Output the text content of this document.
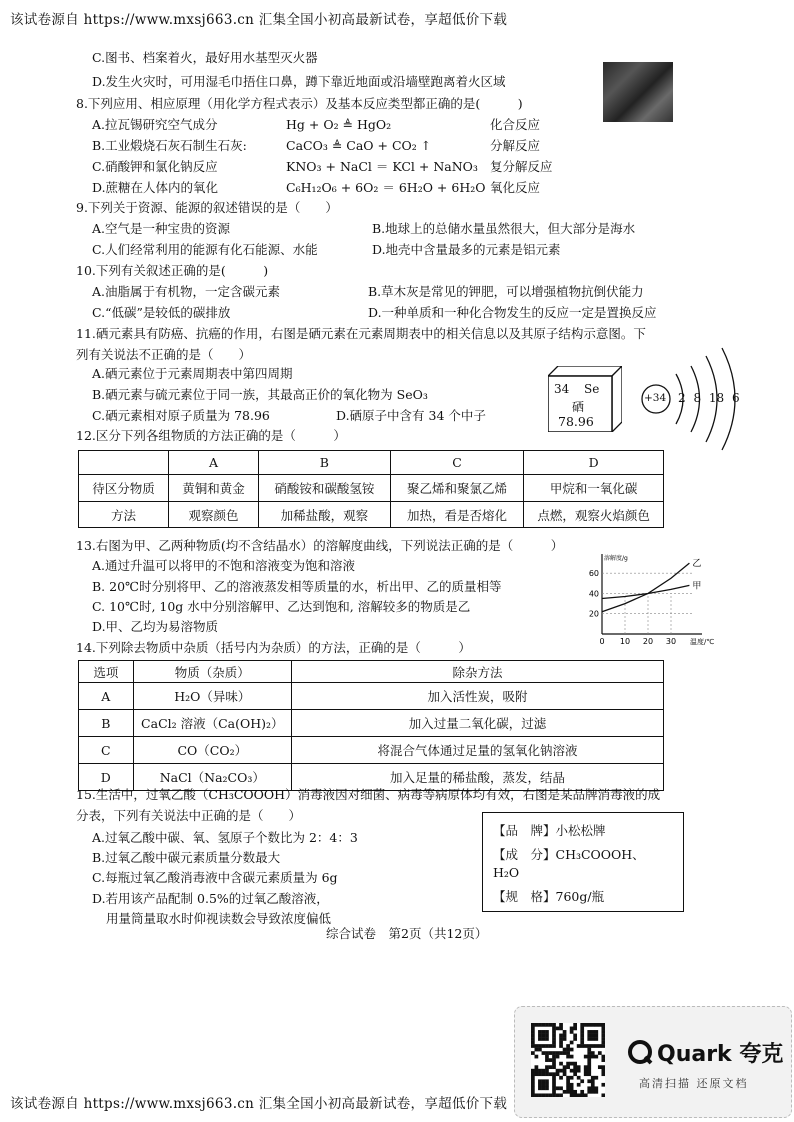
该试卷源自 https://www.mxsj663.cn 汇集全国小初高最新试卷，享超低价下载
C.图书、档案着火，最好用水基型灭火器
D.发生火灾时，可用湿毛巾捂住口鼻，蹲下靠近地面或沿墙壁跑离着火区域
8.下列应用、相应原理（用化学方程式表示）及基本反应类型都正确的是(　　　)
A.拉瓦锡研究空气成分	Hg + O₂ ≜ HgO₂	化合反应
B.工业煅烧石灰石制生石灰:	CaCO₃ ≜ CaO + CO₂ ↑	分解反应
C.硝酸钾和氯化钠反应	KNO₃ + NaCl ＝ KCl + NaNO₃ 复分解反应
D.蔗糖在人体内的氧化	C₆H₁₂O₆ + 6O₂ ＝ 6H₂O + 6H₂O 氧化反应
9.下列关于资源、能源的叙述错误的是（　　）
A.空气是一种宝贵的资源	B.地球上的总储水量虽然很大，但大部分是海水
C.人们经常利用的能源有化石能源、水能	D.地壳中含量最多的元素是铝元素
10.下列有关叙述正确的是(　　　)
A.油脂属于有机物，一定含碳元素	B.草木灰是常见的钾肥，可以增强植物抗倒伏能力
C.“低碳”是较低的碳排放	D.一种单质和一种化合物发生的反应一定是置换反应
11.硒元素具有防癌、抗癌的作用，右图是硒元素在元素周期表中的相关信息以及其原子结构示意图。下
列有关说法不正确的是（　　）
A.硒元素位于元素周期表中第四周期
B.硒元素与硫元素位于同一族，其最高正价的氧化物为 SeO₃
C.硒元素相对原子质量为 78.96	D.硒原子中含有 34 个中子
34 Se
硒
78.96
+34 2 8 18 6
12.区分下列各组物质的方法正确的是（　　　）
	A	B	C	D
待区分物质	黄铜和黄金	硝酸铵和碳酸氢铵	聚乙烯和聚氯乙烯	甲烷和一氧化碳
方法	观察颜色	加稀盐酸，观察	加热，看是否熔化	点燃，观察火焰颜色
13.右图为甲、乙两种物质(均不含结晶水）的溶解度曲线，下列说法正确的是（　　　）
A.通过升温可以将甲的不饱和溶液变为饱和溶液
B. 20℃时分别将甲、乙的溶液蒸发相等质量的水，析出甲、乙的质量相等
C. 10℃时, 10g 水中分别溶解甲、乙达到饱和, 溶解较多的物质是乙
D.甲、乙均为易溶物质
20
40
60
0 10 20 30 温度/℃
溶解度/g
乙
甲
14.下列除去物质中杂质（括号内为杂质）的方法，正确的是（　　　）
选项	物质（杂质）	除杂方法
A	H₂O（异味）	加入活性炭，吸附
B	CaCl₂ 溶液（Ca(OH)₂）	加入过量二氧化碳，过滤
C	CO（CO₂）	将混合气体通过足量的氢氧化钠溶液
D	NaCl（Na₂CO₃）	加入足量的稀盐酸，蒸发，结晶
15.生活中，过氧乙酸（CH₃COOOH）消毒液因对细菌、病毒等病原体均有效，右图是某品牌消毒液的成
分表，下列有关说法中正确的是（　　）
A.过氧乙酸中碳、氧、氢原子个数比为 2：4：3
B.过氧乙酸中碳元素质量分数最大
C.每瓶过氧乙酸消毒液中含碳元素质量为 6g
D.若用该产品配制 0.5%的过氧乙酸溶液，
用量筒量取水时仰视读数会导致浓度偏低
【品　牌】小松松牌
【成　分】CH₃COOOH、
H₂O
【规　格】760g/瓶
综合试卷　第2页（共12页）
Quark 夸克
高清扫描 还原文档
该试卷源自 https://www.mxsj663.cn 汇集全国小初高最新试卷，享超低价下载
